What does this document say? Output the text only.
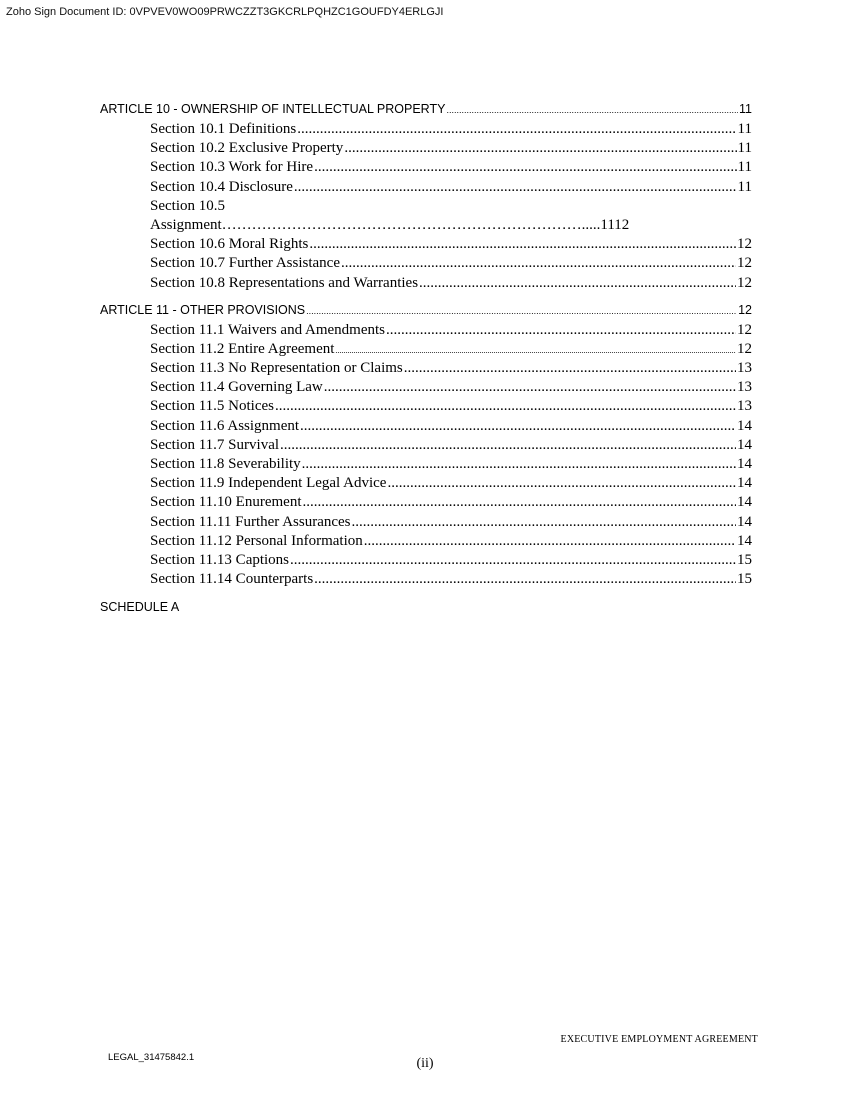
Zoho Sign Document ID: 0VPVEV0WO09PRWCZZT3GKCRLPQHZC1GOUFDY4ERLGJI
ARTICLE 10 - OWNERSHIP OF INTELLECTUAL PROPERTY .....	11
Section 10.1 Definitions .....	11
Section 10.2 Exclusive Property .....	11
Section 10.3 Work for Hire .....	11
Section 10.4 Disclosure .....	11
Section 10.5
Assignment……………………………………………………………….....1112
Section 10.6 Moral Rights .....	12
Section 10.7 Further Assistance .....	12
Section 10.8 Representations and Warranties .....	12
ARTICLE 11 - OTHER PROVISIONS .....	12
Section 11.1 Waivers and Amendments .....	12
Section 11.2 Entire Agreement .....	12
Section 11.3 No Representation or Claims .....	13
Section 11.4 Governing Law .....	13
Section 11.5 Notices .....	13
Section 11.6 Assignment .....	14
Section 11.7 Survival .....	14
Section 11.8 Severability .....	14
Section 11.9 Independent Legal Advice .....	14
Section 11.10 Enurement .....	14
Section 11.11 Further Assurances .....	14
Section 11.12 Personal Information .....	14
Section 11.13 Captions .....	15
Section 11.14 Counterparts .....	15
SCHEDULE A
EXECUTIVE EMPLOYMENT AGREEMENT
LEGAL_31475842.1	(ii)
